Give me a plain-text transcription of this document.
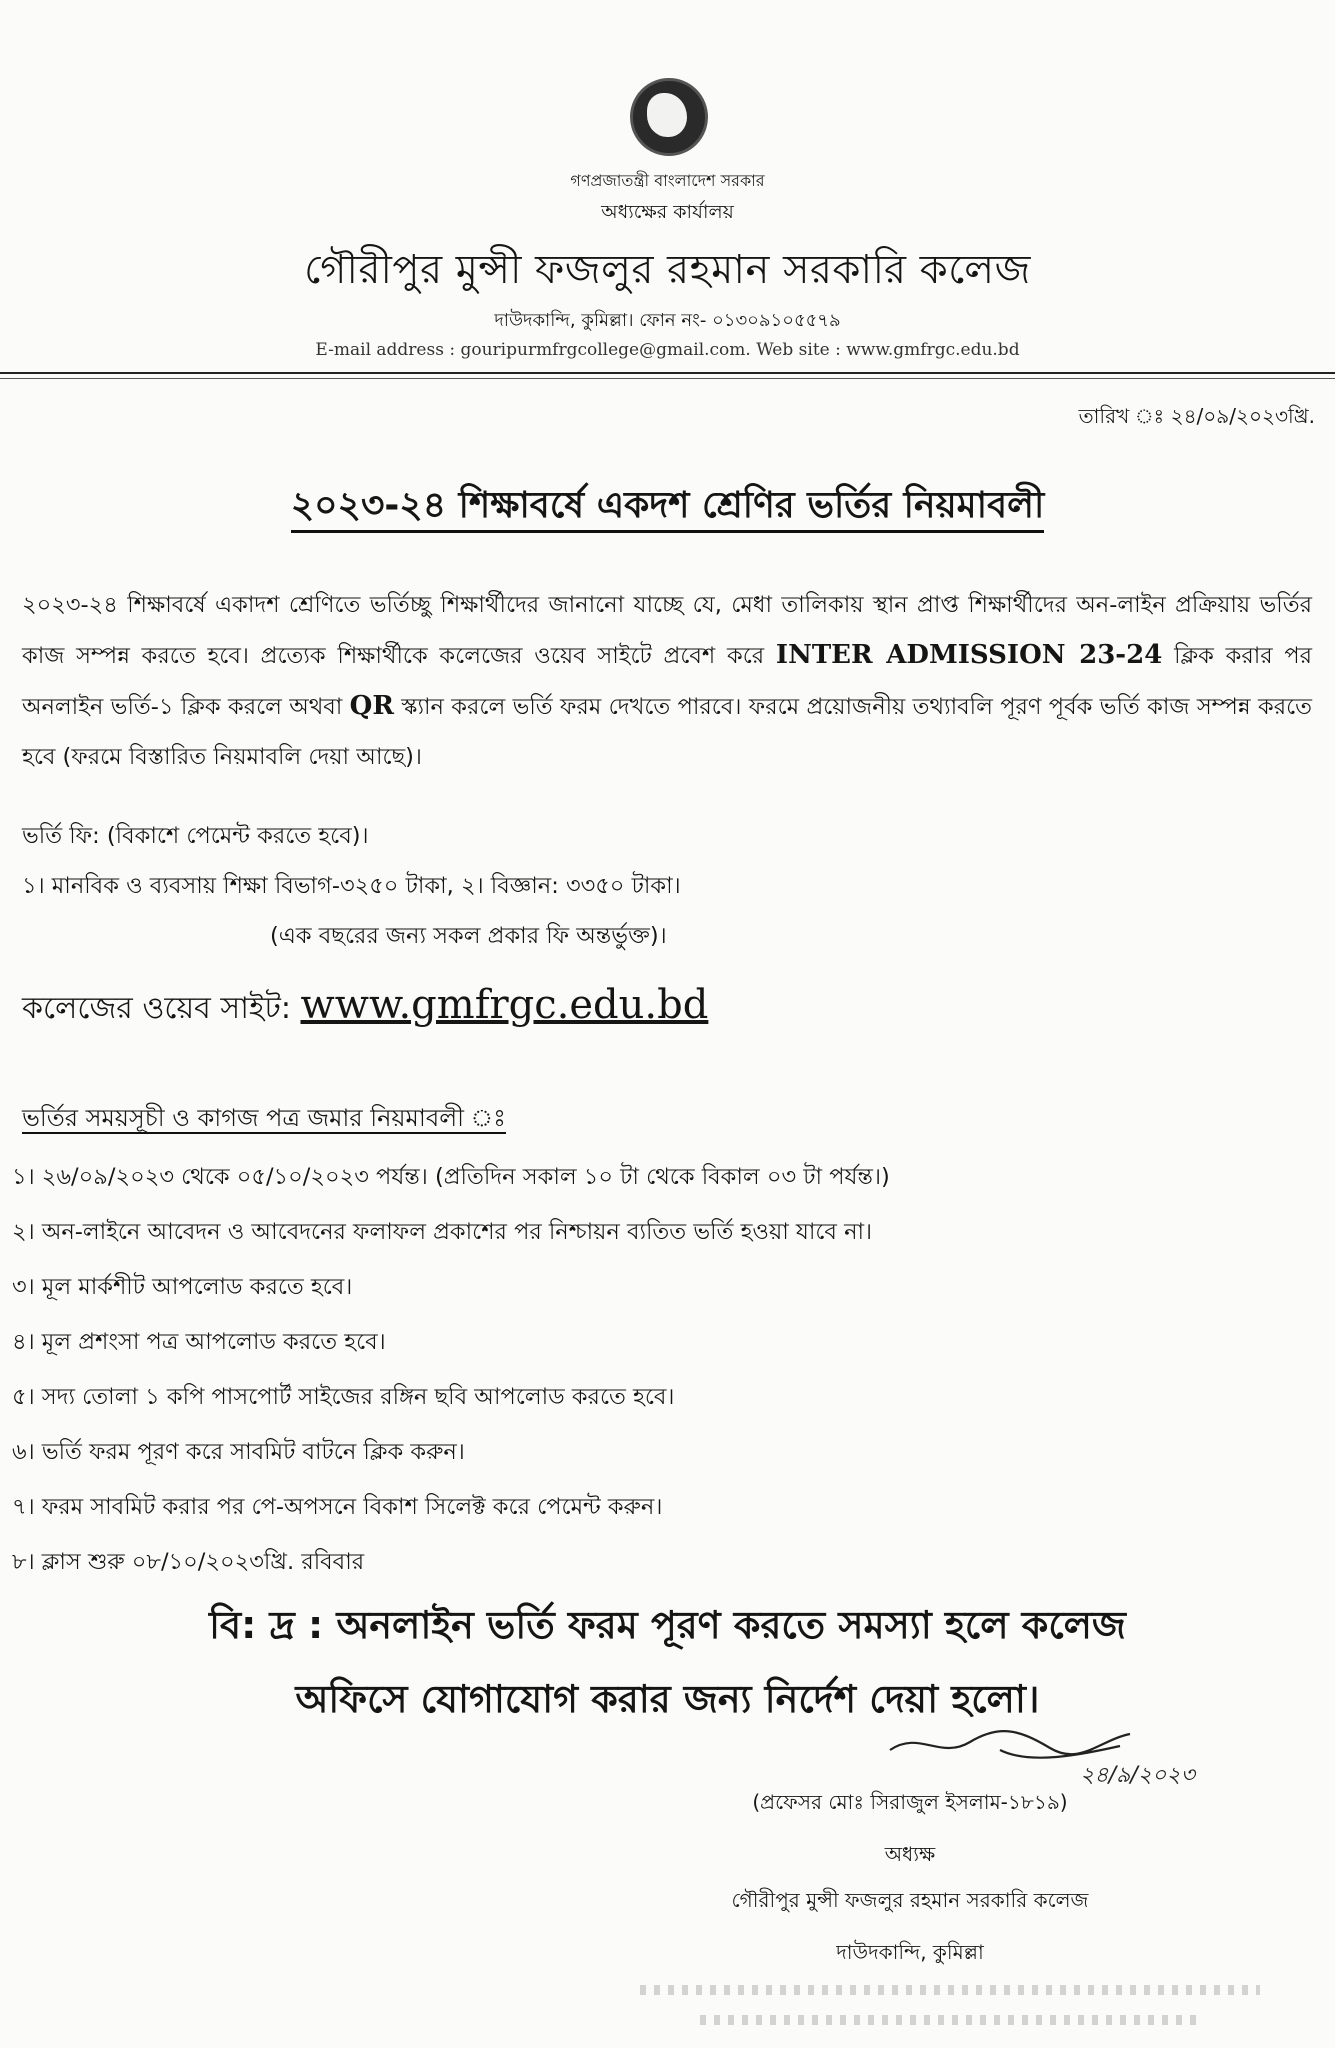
গণপ্রজাতন্ত্রী বাংলাদেশ সরকার
অধ্যক্ষের কার্যালয়
গৌরীপুর মুন্সী ফজলুর রহমান সরকারি কলেজ
দাউদকান্দি, কুমিল্লা। ফোন নং- ০১৩০৯১০৫৫৭৯
E-mail address : gouripurmfrgcollege@gmail.com. Web site : www.gmfrgc.edu.bd
তারিখ ঃ ২৪/০৯/২০২৩খ্রি.
২০২৩-২৪ শিক্ষাবর্ষে একদশ শ্রেণির ভর্তির নিয়মাবলী

২০২৩-২৪ শিক্ষাবর্ষে একাদশ শ্রেণিতে ভর্তিচ্ছু শিক্ষার্থীদের জানানো যাচ্ছে যে, মেধা তালিকায় স্থান প্রাপ্ত শিক্ষার্থীদের অন-লাইন প্রক্রিয়ায় ভর্তির কাজ সম্পন্ন করতে হবে। প্রত্যেক শিক্ষার্থীকে কলেজের ওয়েব সাইটে প্রবেশ করে INTER ADMISSION 23-24 ক্লিক করার পর অনলাইন ভর্তি-১ ক্লিক করলে অথবা QR স্ক্যান করলে ভর্তি ফরম দেখতে পারবে। ফরমে প্রয়োজনীয় তথ্যাবলি পূরণ পূর্বক ভর্তি কাজ সম্পন্ন করতে হবে (ফরমে বিস্তারিত নিয়মাবলি দেয়া আছে)।

ভর্তি ফি: (বিকাশে পেমেন্ট করতে হবে)।
১। মানবিক ও ব্যবসায় শিক্ষা বিভাগ-৩২৫০ টাকা, ২। বিজ্ঞান: ৩৩৫০ টাকা।
(এক বছরের জন্য সকল প্রকার ফি অন্তর্ভুক্ত)।
কলেজের ওয়েব সাইট: www.gmfrgc.edu.bd
ভর্তির সময়সূচী ও কাগজ পত্র জমার নিয়মাবলী ঃ
১। ২৬/০৯/২০২৩ থেকে ০৫/১০/২০২৩ পর্যন্ত। (প্রতিদিন সকাল ১০ টা থেকে বিকাল ০৩ টা পর্যন্ত।)
২। অন-লাইনে আবেদন ও আবেদনের ফলাফল প্রকাশের পর নিশ্চায়ন ব্যতিত ভর্তি হওয়া যাবে না।
৩। মূল মার্কশীট আপলোড করতে হবে।
৪। মূল প্রশংসা পত্র আপলোড করতে হবে।
৫। সদ্য তোলা ১ কপি পাসপোর্ট সাইজের রঙ্গিন ছবি আপলোড করতে হবে।
৬। ভর্তি ফরম পূরণ করে সাবমিট বাটনে ক্লিক করুন।
৭। ফরম সাবমিট করার পর পে-অপসনে বিকাশ সিলেক্ট করে পেমেন্ট করুন।
৮। ক্লাস শুরু ০৮/১০/২০২৩খ্রি. রবিবার
বি: দ্র : অনলাইন ভর্তি ফরম পূরণ করতে সমস্যা হলে কলেজ
অফিসে যোগাযোগ করার জন্য নির্দেশ দেয়া হলো।
২৪/৯/২০২৩
(প্রফেসর মোঃ সিরাজুল ইসলাম-১৮১৯)
অধ্যক্ষ
গৌরীপুর মুন্সী ফজলুর রহমান সরকারি কলেজ
দাউদকান্দি, কুমিল্লা
